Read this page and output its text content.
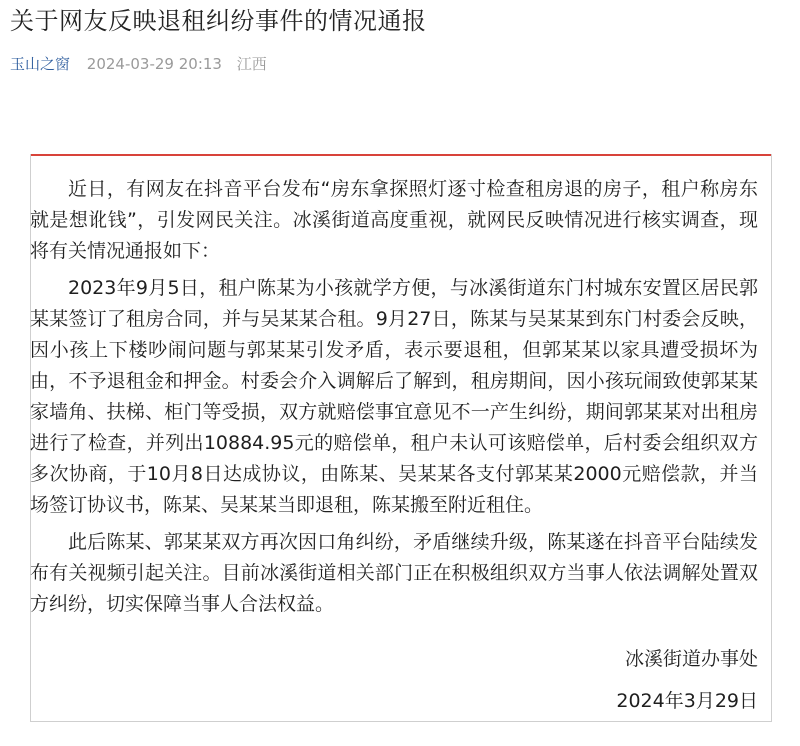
关于网友反映退租纠纷事件的情况通报
玉山之窗 2024-03-29 20:13 江西

近日，有网友在抖音平台发布“房东拿探照灯逐寸检查租房退的房子，租户称房东就是想讹钱”，引发网民关注。冰溪街道高度重视，就网民反映情况进行核实调查，现将有关情况通报如下：

2023年9月5日，租户陈某为小孩就学方便，与冰溪街道东门村城东安置区居民郭某某签订了租房合同，并与吴某某合租。9月27日，陈某与吴某某到东门村委会反映，因小孩上下楼吵闹问题与郭某某引发矛盾，表示要退租，但郭某某以家具遭受损坏为由，不予退租金和押金。村委会介入调解后了解到，租房期间，因小孩玩闹致使郭某某家墙角、扶梯、柜门等受损，双方就赔偿事宜意见不一产生纠纷，期间郭某某对出租房进行了检查，并列出10884.95元的赔偿单，租户未认可该赔偿单，后村委会组织双方多次协商，于10月8日达成协议，由陈某、吴某某各支付郭某某2000元赔偿款，并当场签订协议书，陈某、吴某某当即退租，陈某搬至附近租住。

此后陈某、郭某某双方再次因口角纠纷，矛盾继续升级，陈某遂在抖音平台陆续发布有关视频引起关注。目前冰溪街道相关部门正在积极组织双方当事人依法调解处置双方纠纷，切实保障当事人合法权益。

冰溪街道办事处
2024年3月29日
